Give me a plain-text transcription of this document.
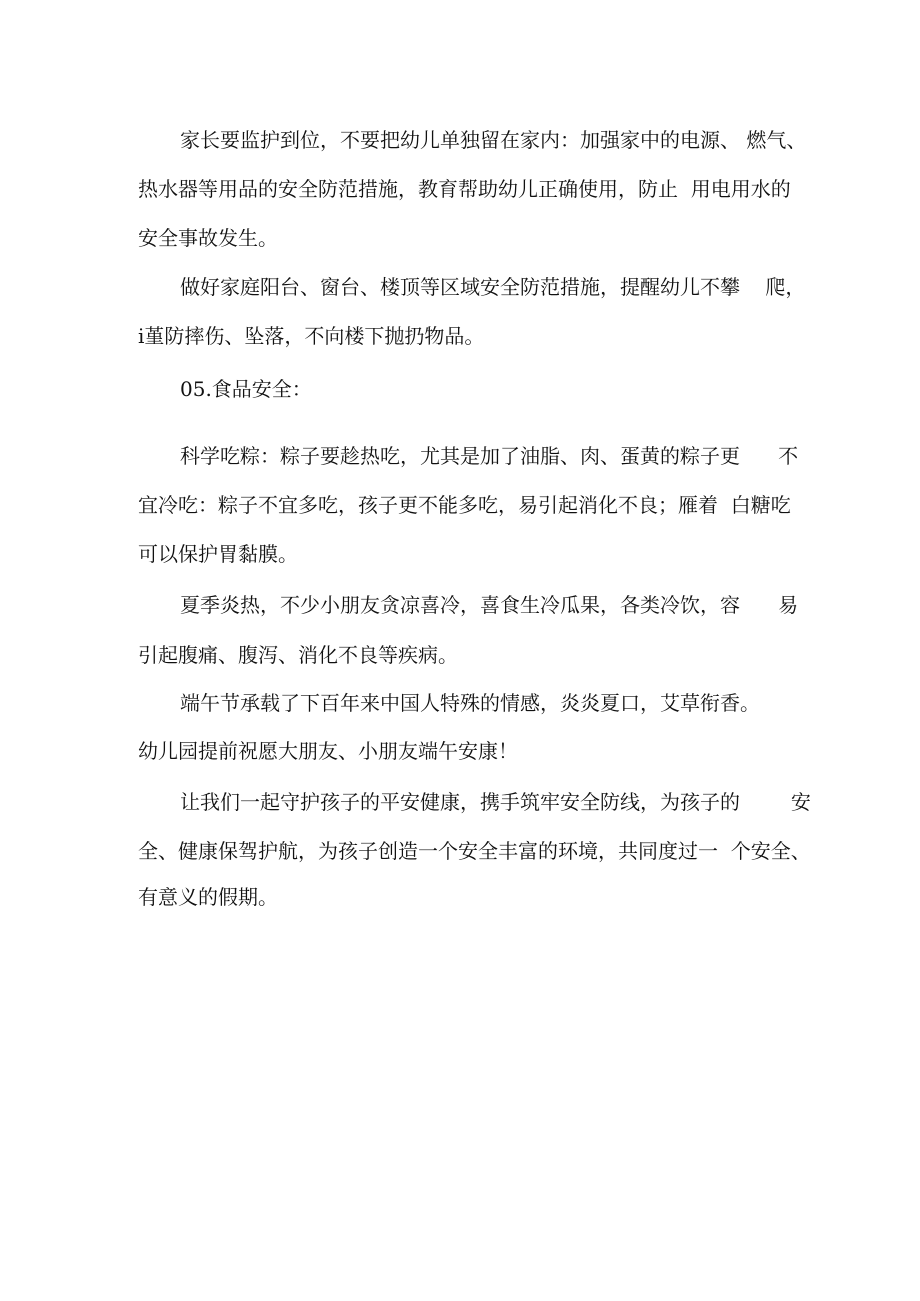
家长要监护到位，不要把幼儿单独留在家内：加强家中的电源、 燃气、
热水器等用品的安全防范措施，教育帮助幼儿正确使用，防止  用电用水的
安全事故发生。
做好家庭阳台、窗台、楼顶等区域安全防范措施，提醒幼儿不攀    爬，
i堇防摔伤、坠落，不向楼下抛扔物品。
05.食品安全：
科学吃粽：粽子要趁热吃，尤其是加了油脂、肉、蛋黄的粽子更      不
宜冷吃：粽子不宜多吃，孩子更不能多吃，易引起消化不良；雁着  白糖吃
可以保护胃黏膜。
夏季炎热，不少小朋友贪凉喜冷，喜食生冷瓜果，各类冷饮，容      易
引起腹痛、腹泻、消化不良等疾病。
端午节承载了下百年来中国人特殊的情感，炎炎夏口，艾草衔香。
幼儿园提前祝愿大朋友、小朋友端午安康！
让我们一起守护孩子的平安健康，携手筑牢安全防线，为孩子的        安
全、健康保驾护航，为孩子创造一个安全丰富的环境，共同度过一  个安全、
有意义的假期。
